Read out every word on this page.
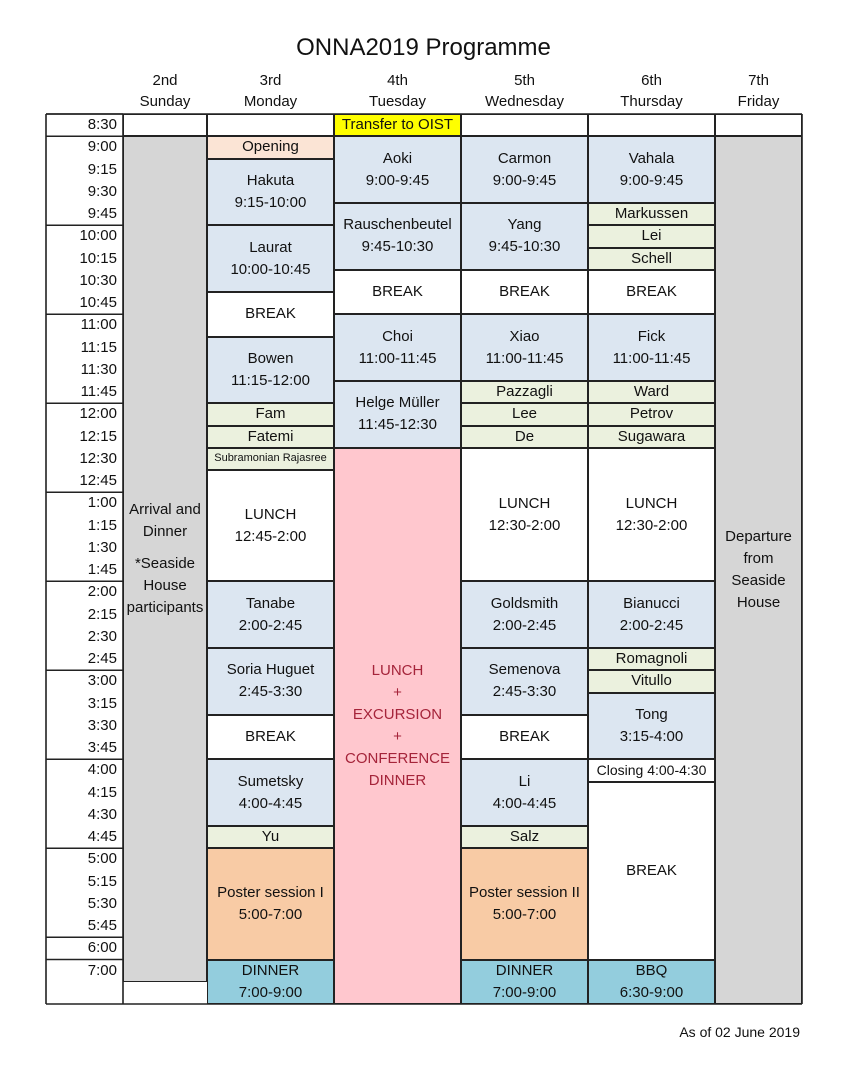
ONNA2019 Programme
2nd
Sunday
3rd
Monday
4th
Tuesday
5th
Wednesday
6th
Thursday
7th
Friday
8:30
9:00
9:15
9:30
9:45
10:00
10:15
10:30
10:45
11:00
11:15
11:30
11:45
12:00
12:15
12:30
12:45
1:00
1:15
1:30
1:45
2:00
2:15
2:30
2:45
3:00
3:15
3:30
3:45
4:00
4:15
4:30
4:45
5:00
5:15
5:30
5:45
6:00
7:00
Arrival and
Dinner
*Seaside
House
participants
Opening
Hakuta
9:15-10:00
Laurat
10:00-10:45
BREAK
Bowen
11:15-12:00
Fam
Fatemi
Subramonian Rajasree
LUNCH
12:45-2:00
Tanabe
2:00-2:45
Soria Huguet
2:45-3:30
BREAK
Sumetsky
4:00-4:45
Yu
Poster session I
5:00-7:00
DINNER
7:00-9:00
Transfer to OIST
Aoki
9:00-9:45
Rauschenbeutel
9:45-10:30
BREAK
Choi
11:00-11:45
Helge Müller
11:45-12:30
LUNCH
+
EXCURSION
+
CONFERENCE
DINNER
Carmon
9:00-9:45
Yang
9:45-10:30
BREAK
Xiao
11:00-11:45
Pazzagli
Lee
De
LUNCH
12:30-2:00
Goldsmith
2:00-2:45
Semenova
2:45-3:30
BREAK
Li
4:00-4:45
Salz
Poster session II
5:00-7:00
DINNER
7:00-9:00
Vahala
9:00-9:45
Markussen
Lei
Schell
BREAK
Fick
11:00-11:45
Ward
Petrov
Sugawara
LUNCH
12:30-2:00
Bianucci
2:00-2:45
Romagnoli
Vitullo
Tong
3:15-4:00
Closing 4:00-4:30
BREAK
BBQ
6:30-9:00
Departure
from
Seaside
House
As of 02 June 2019
